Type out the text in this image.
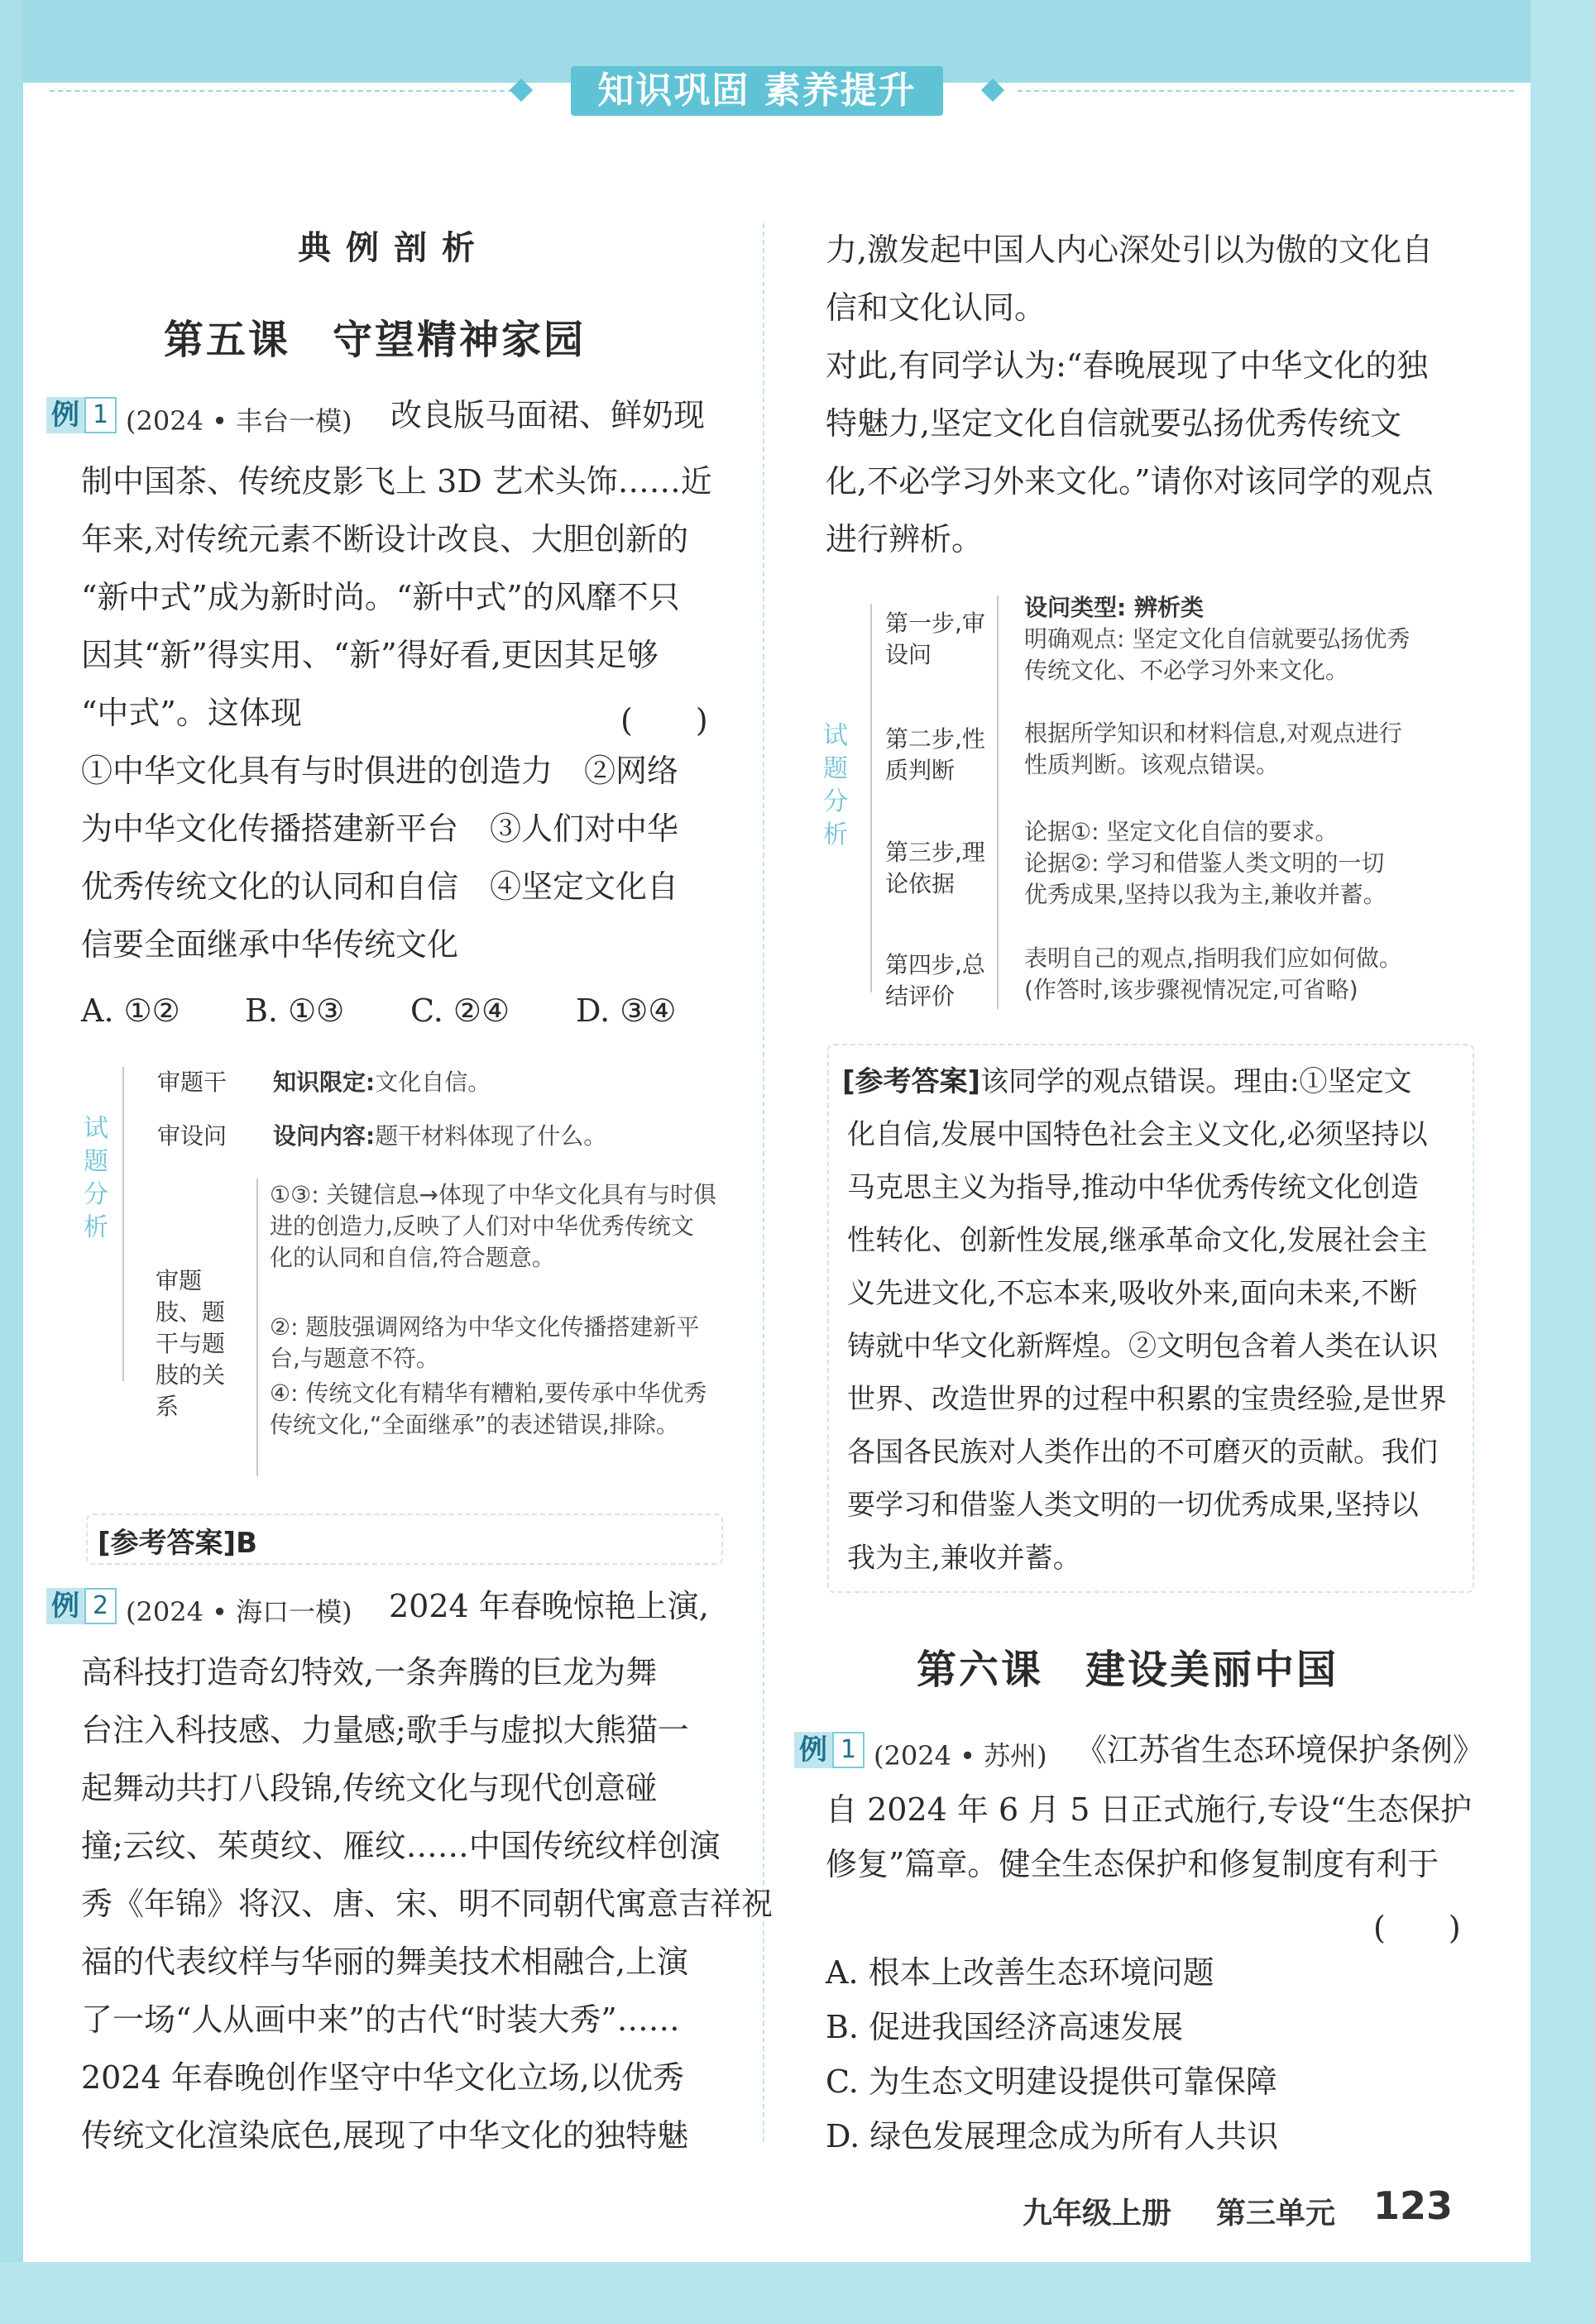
知识巩固 素养提升
典例剖析
第五课　守望精神家园
例 1 (2024 • 丰台一模) 改良版马面裙、鲜奶现
制中国茶、传统皮影飞上 3D 艺术头饰……近
年来,对传统元素不断设计改良、大胆创新的
“新中式”成为新时尚。“新中式”的风靡不只
因其“新”得实用、“新”得好看,更因其足够
“中式”。这体现	(　　)
①中华文化具有与时俱进的创造力　②网络
为中华文化传播搭建新平台　③人们对中华
优秀传统文化的认同和自信　④坚定文化自
信要全面继承中华传统文化
A. ①② B. ①③ C. ②④ D. ③④
试题分析
审题干 知识限定:文化自信。
审设问 设问内容:题干材料体现了什么。
审题肢、题干与题肢的关系
①③: 关键信息→体现了中华文化具有与时俱进的创造力,反映了人们对中华优秀传统文化的认同和自信,符合题意。
②: 题肢强调网络为中华文化传播搭建新平台,与题意不符。
④: 传统文化有精华有糟粕,要传承中华优秀传统文化,“全面继承”的表述错误,排除。
[参考答案]B
例 2 (2024 • 海口一模) 2024 年春晚惊艳上演,
高科技打造奇幻特效,一条奔腾的巨龙为舞
台注入科技感、力量感;歌手与虚拟大熊猫一
起舞动共打八段锦,传统文化与现代创意碰
撞;云纹、茱萸纹、雁纹……中国传统纹样创演
秀《年锦》将汉、唐、宋、明不同朝代寓意吉祥祝
福的代表纹样与华丽的舞美技术相融合,上演
了一场“人从画中来”的古代“时装大秀”……
2024 年春晚创作坚守中华文化立场,以优秀
传统文化渲染底色,展现了中华文化的独特魅
力,激发起中国人内心深处引以为傲的文化自
信和文化认同。
对此,有同学认为:“春晚展现了中华文化的独
特魅力,坚定文化自信就要弘扬优秀传统文
化,不必学习外来文化。”请你对该同学的观点
进行辨析。
试题分析
第一步,审设问
设问类型: 辨析类
明确观点: 坚定文化自信就要弘扬优秀
传统文化、不必学习外来文化。
第二步,性质判断
根据所学知识和材料信息,对观点进行
性质判断。该观点错误。
第三步,理论依据
论据①: 坚定文化自信的要求。
论据②: 学习和借鉴人类文明的一切
优秀成果,坚持以我为主,兼收并蓄。
第四步,总结评价
表明自己的观点,指明我们应如何做。
(作答时,该步骤视情况定,可省略)
[参考答案]该同学的观点错误。理由:①坚定文
化自信,发展中国特色社会主义文化,必须坚持以
马克思主义为指导,推动中华优秀传统文化创造
性转化、创新性发展,继承革命文化,发展社会主
义先进文化,不忘本来,吸收外来,面向未来,不断
铸就中华文化新辉煌。②文明包含着人类在认识
世界、改造世界的过程中积累的宝贵经验,是世界
各国各民族对人类作出的不可磨灭的贡献。我们
要学习和借鉴人类文明的一切优秀成果,坚持以
我为主,兼收并蓄。
第六课　建设美丽中国
例 1 (2024 • 苏州) 《江苏省生态环境保护条例》
自 2024 年 6 月 5 日正式施行,专设“生态保护
修复”篇章。健全生态保护和修复制度有利于
(　　)
A. 根本上改善生态环境问题
B. 促进我国经济高速发展
C. 为生态文明建设提供可靠保障
D. 绿色发展理念成为所有人共识
九年级上册 第三单元 123
